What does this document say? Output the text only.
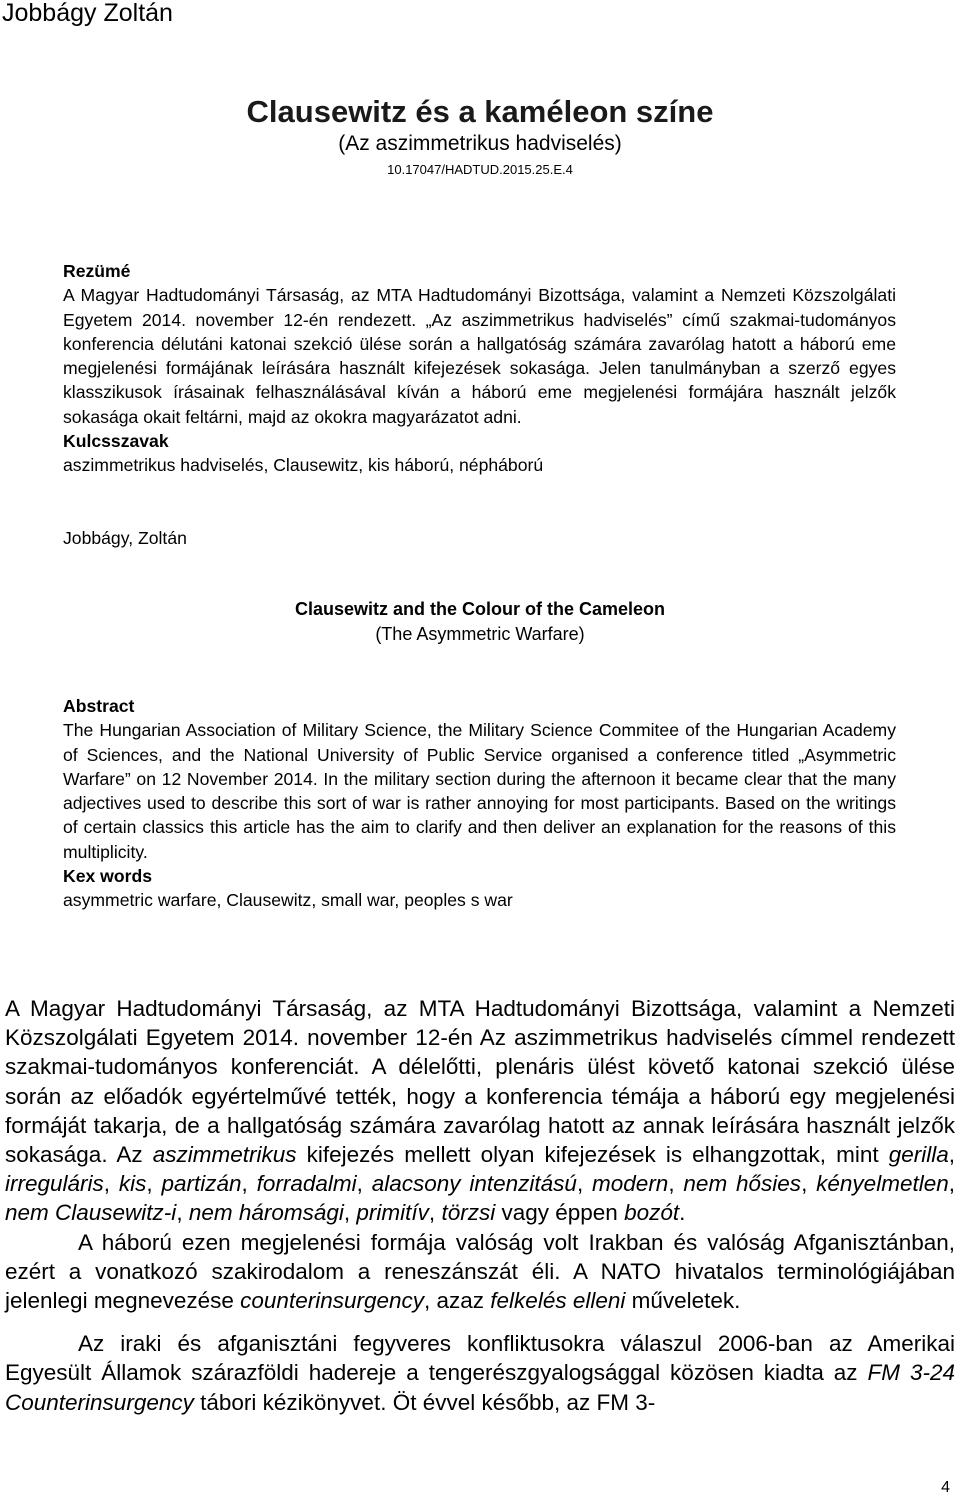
Jobbágy Zoltán
Clausewitz és a kaméleon színe
(Az aszimmetrikus hadviselés)
10.17047/HADTUD.2015.25.E.4
Rezümé
A Magyar Hadtudományi Társaság, az MTA Hadtudományi Bizottsága, valamint a Nemzeti Közszolgálati Egyetem 2014. november 12-én rendezett. „Az aszimmetrikus hadviselés” című szakmai-tudományos konferencia délutáni katonai szekció ülése során a hallgatóság számára zavarólag hatott a háború eme megjelenési formájának leírására használt kifejezések sokasága. Jelen tanulmányban a szerző egyes klasszikusok írásainak felhasználásával kíván a háború eme megjelenési formájára használt jelzők sokasága okait feltárni, majd az okokra magyarázatot adni.
Kulcsszavak
aszimmetrikus hadviselés, Clausewitz, kis háború, népháború
Jobbágy, Zoltán
Clausewitz and the Colour of the Cameleon
(The Asymmetric Warfare)
Abstract
The Hungarian Association of Military Science, the Military Science Commitee of the Hungarian Academy of Sciences, and the National University of Public Service organised a conference titled „Asymmetric Warfare” on 12 November 2014. In the military section during the afternoon it became clear that the many adjectives used to describe this sort of war is rather annoying for most participants. Based on the writings of certain classics this article has the aim to clarify and then deliver an explanation for the reasons of this multiplicity.
Kex words
asymmetric warfare, Clausewitz, small war, peoples s war

A Magyar Hadtudományi Társaság, az MTA Hadtudományi Bizottsága, valamint a Nemzeti Közszolgálati Egyetem 2014. november 12-én Az aszimmetrikus hadviselés címmel rendezett szakmai-tudományos konferenciát. A délelőtti, plenáris ülést követő katonai szekció ülése során az előadók egyértelművé tették, hogy a konferencia témája a háború egy megjelenési formáját takarja, de a hallgatóság számára zavarólag hatott az annak leírására használt jelzők sokasága. Az aszimmetrikus kifejezés mellett olyan kifejezések is elhangzottak, mint gerilla, irreguláris, kis, partizán, forradalmi, alacsony intenzitású, modern, nem hősies, kényelmetlen, nem Clausewitz-i, nem háromsági, primitív, törzsi vagy éppen bozót.

A háború ezen megjelenési formája valóság volt Irakban és valóság Afganisztánban, ezért a vonatkozó szakirodalom a reneszánszát éli. A NATO hivatalos terminológiájában jelenlegi megnevezése counterinsurgency, azaz felkelés elleni műveletek.

Az iraki és afganisztáni fegyveres konfliktusokra válaszul 2006-ban az Amerikai Egyesült Államok szárazföldi hadereje a tengerészgyalogsággal közösen kiadta az FM 3-24 Counterinsurgency tábori kézikönyvet. Öt évvel később, az FM 3-

4
